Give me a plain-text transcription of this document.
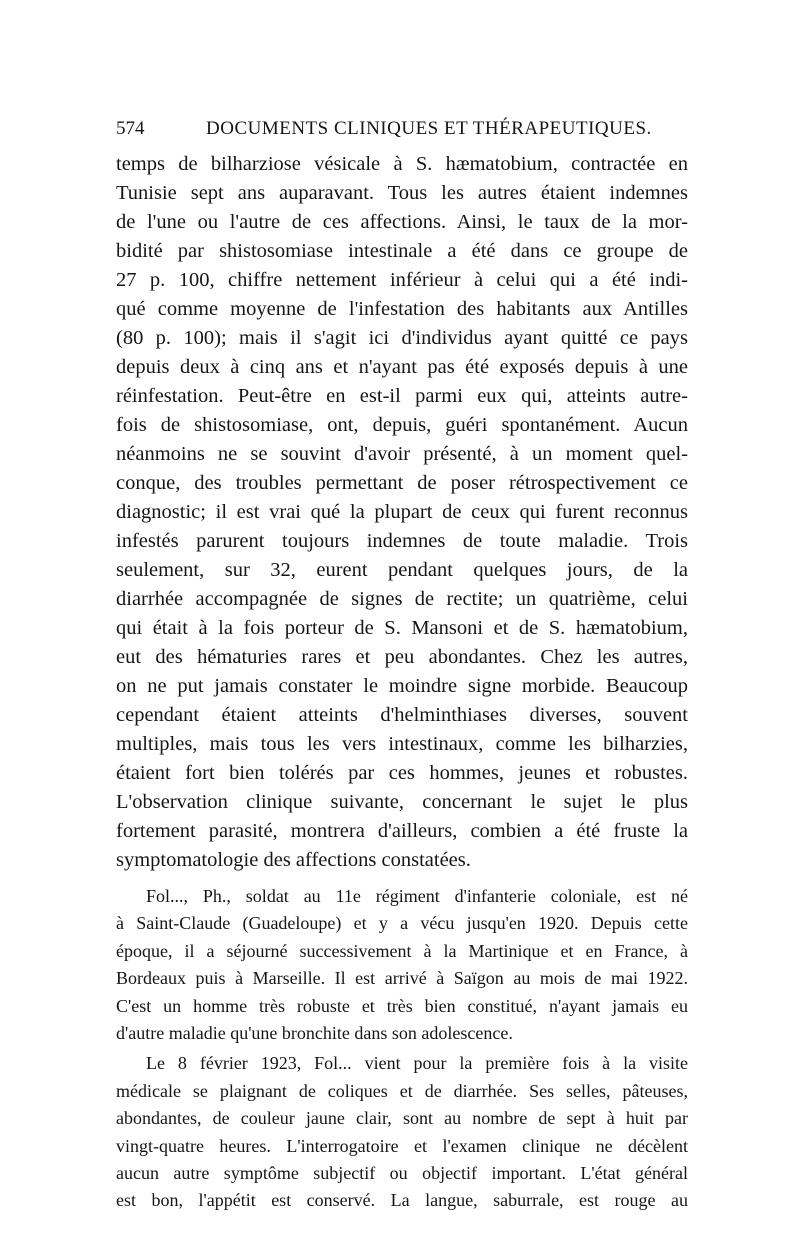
574	DOCUMENTS CLINIQUES ET THÉRAPEUTIQUES.
temps de bilharziose vésicale à S. hæmatobium, contractée en
Tunisie sept ans auparavant. Tous les autres étaient indemnes
de l'une ou l'autre de ces affections. Ainsi, le taux de la mor-
bidité par shistosomiase intestinale a été dans ce groupe de
27 p. 100, chiffre nettement inférieur à celui qui a été indi-
qué comme moyenne de l'infestation des habitants aux Antilles
(80 p. 100); mais il s'agit ici d'individus ayant quitté ce pays
depuis deux à cinq ans et n'ayant pas été exposés depuis à une
réinfestation. Peut-être en est-il parmi eux qui, atteints autre-
fois de shistosomiase, ont, depuis, guéri spontanément. Aucun
néanmoins ne se souvint d'avoir présenté, à un moment quel-
conque, des troubles permettant de poser rétrospectivement ce
diagnostic; il est vrai qué la plupart de ceux qui furent reconnus
infestés parurent toujours indemnes de toute maladie. Trois
seulement, sur 32, eurent pendant quelques jours, de la
diarrhée accompagnée de signes de rectite; un quatrième, celui
qui était à la fois porteur de S. Mansoni et de S. hæmatobium,
eut des hématuries rares et peu abondantes. Chez les autres,
on ne put jamais constater le moindre signe morbide. Beaucoup
cependant étaient atteints d'helminthiases diverses, souvent
multiples, mais tous les vers intestinaux, comme les bilharzies,
étaient fort bien tolérés par ces hommes, jeunes et robustes.
L'observation clinique suivante, concernant le sujet le plus
fortement parasité, montrera d'ailleurs, combien a été fruste la
symptomatologie des affections constatées.
Fol..., Ph., soldat au 11e régiment d'infanterie coloniale, est né
à Saint-Claude (Guadeloupe) et y a vécu jusqu'en 1920. Depuis cette
époque, il a séjourné successivement à la Martinique et en France, à
Bordeaux puis à Marseille. Il est arrivé à Saïgon au mois de mai 1922.
C'est un homme très robuste et très bien constitué, n'ayant jamais eu
d'autre maladie qu'une bronchite dans son adolescence.
Le 8 février 1923, Fol... vient pour la première fois à la visite
médicale se plaignant de coliques et de diarrhée. Ses selles, pâteuses,
abondantes, de couleur jaune clair, sont au nombre de sept à huit par
vingt-quatre heures. L'interrogatoire et l'examen clinique ne décèlent
aucun autre symptôme subjectif ou objectif important. L'état général
est bon, l'appétit est conservé. La langue, saburrale, est rouge au
